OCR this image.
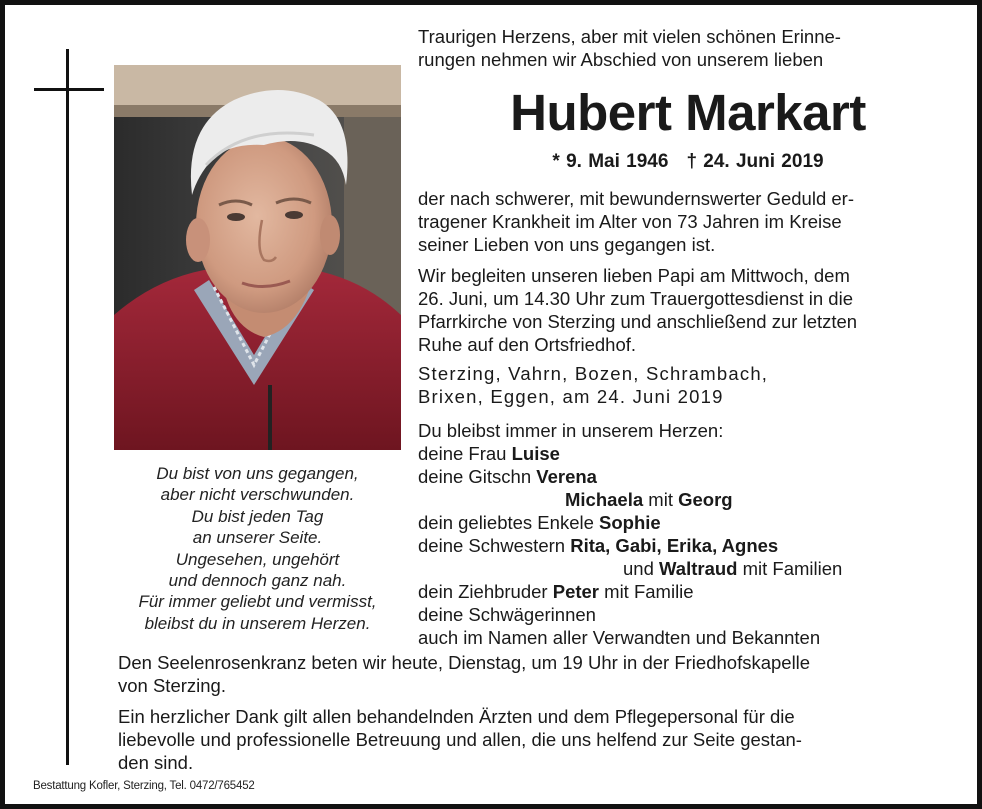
Du bist von uns gegangen,
aber nicht verschwunden.
Du bist jeden Tag
an unserer Seite.
Ungesehen, ungehört
und dennoch ganz nah.
Für immer geliebt und vermisst,
bleibst du in unserem Herzen.
Traurigen Herzens, aber mit vielen schönen Erinne-
rungen nehmen wir Abschied von unserem lieben
Hubert Markart
* 9. Mai 1946 † 24. Juni 2019
der nach schwerer, mit bewundernswerter Geduld er-
tragener Krankheit im Alter von 73 Jahren im Kreise
seiner Lieben von uns gegangen ist.
Wir begleiten unseren lieben Papi am Mittwoch, dem
26. Juni, um 14.30 Uhr zum Trauergottesdienst in die
Pfarrkirche von Sterzing und anschließend zur letzten
Ruhe auf den Ortsfriedhof.
Sterzing, Vahrn, Bozen, Schrambach,
Brixen, Eggen, am 24. Juni 2019
Du bleibst immer in unserem Herzen:
deine Frau Luise
deine Gitschn Verena
Michaela mit Georg
dein geliebtes Enkele Sophie
deine Schwestern Rita, Gabi, Erika, Agnes
und Waltraud mit Familien
dein Ziehbruder Peter mit Familie
deine Schwägerinnen
auch im Namen aller Verwandten und Bekannten
Den Seelenrosenkranz beten wir heute, Dienstag, um 19 Uhr in der Friedhofskapelle
von Sterzing.
Ein herzlicher Dank gilt allen behandelnden Ärzten und dem Pflegepersonal für die
liebevolle und professionelle Betreuung und allen, die uns helfend zur Seite gestan-
den sind.
Bestattung Kofler, Sterzing, Tel. 0472/765452
